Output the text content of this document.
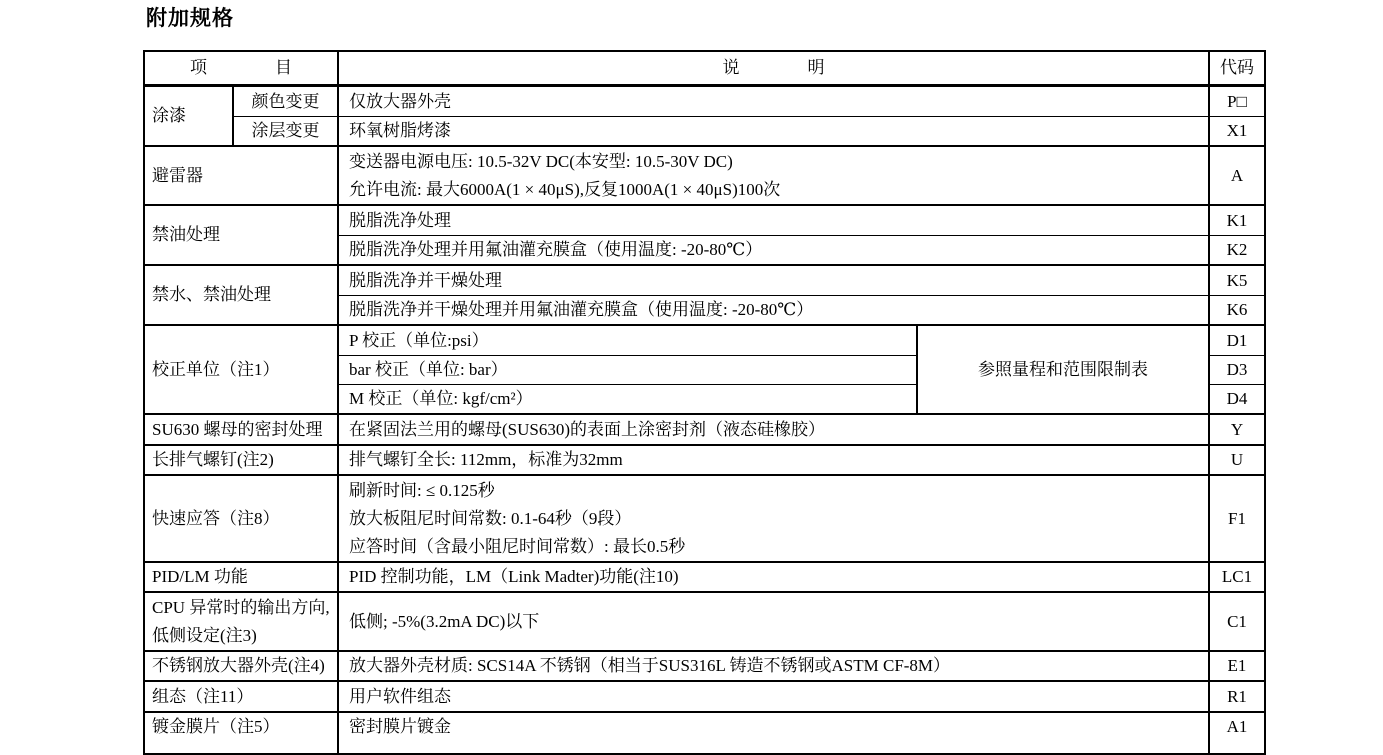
附加规格
项　　　　目		说　　　　明		代码
涂漆	颜色变更	仅放大器外壳		P□
	涂层变更	环氧树脂烤漆		X1
避雷器		变送器电源电压: 10.5-32V DC(本安型: 10.5-30V DC)
允许电流: 最大6000A(1 × 40μS),反复1000A(1 × 40μS)100次		A
禁油处理		脱脂洗净处理		K1
		脱脂洗净处理并用氟油灌充膜盒（使用温度: -20-80℃）		K2
禁水、禁油处理		脱脂洗净并干燥处理		K5
		脱脂洗净并干燥处理并用氟油灌充膜盒（使用温度: -20-80℃）		K6
校正单位（注1）		P 校正（单位:psi）	参照量程和范围限制表	D1
		bar 校正（单位: bar）		D3
		M 校正（单位: kgf/cm²）		D4
SU630 螺母的密封处理		在紧固法兰用的螺母(SUS630)的表面上涂密封剂（液态硅橡胶）		Y
长排气螺钉(注2)		排气螺钉全长: 112mm，标准为32mm		U
快速应答（注8）		刷新时间: ≤ 0.125秒
放大板阻尼时间常数: 0.1-64秒（9段）
应答时间（含最小阻尼时间常数）: 最长0.5秒		F1
PID/LM 功能		PID 控制功能，LM（Link Madter)功能(注10)		LC1
CPU 异常时的输出方向,低侧设定(注3)		低侧; -5%(3.2mA DC)以下		C1
不锈钢放大器外壳(注4)		放大器外壳材质: SCS14A 不锈钢（相当于SUS316L 铸造不锈钢或ASTM CF-8M）		E1
组态（注11）		用户软件组态		R1
镀金膜片（注5）		密封膜片镀金		A1
